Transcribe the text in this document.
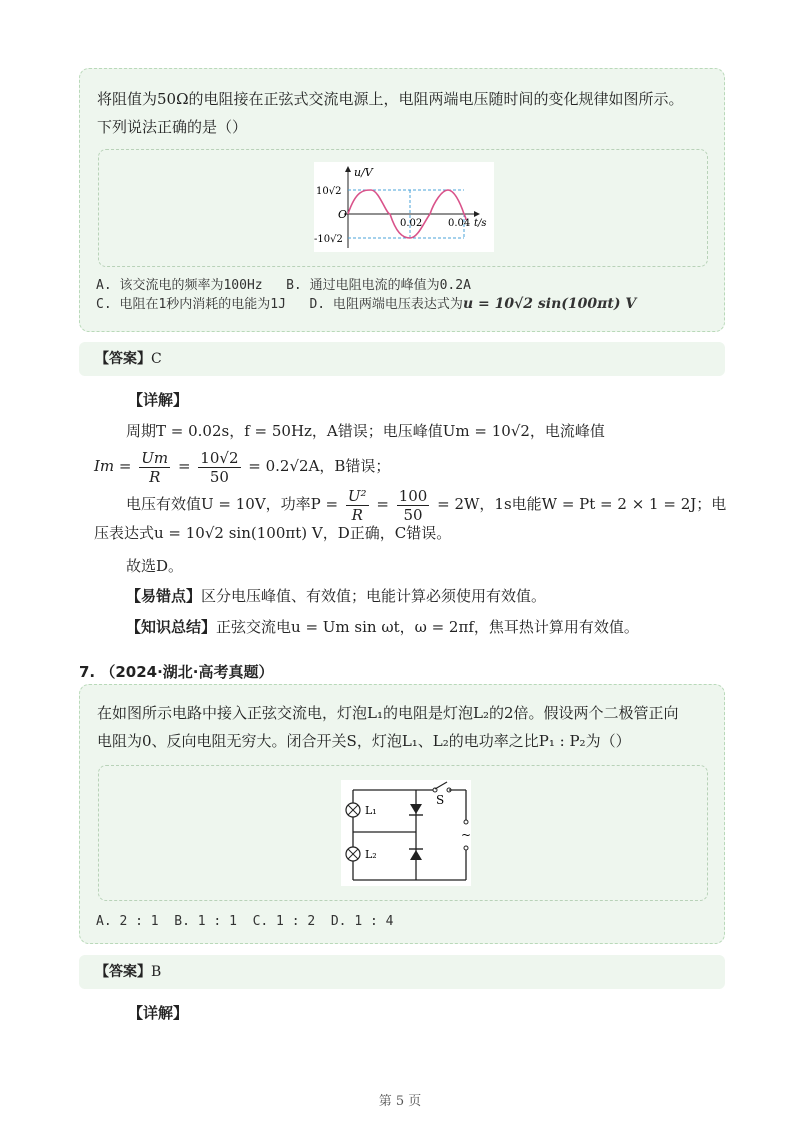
将阻值为50Ω的电阻接在正弦式交流电源上，电阻两端电压随时间的变化规律如图所示。
下列说法正确的是（）
u/V
10√2
O
-10√2
0.02	0.04 t/s
A. 该交流电的频率为100Hz B. 通过电阻电流的峰值为0.2A
C. 电阻在1秒内消耗的电能为1J D. 电阻两端电压表达式为u = 10√2 sin(100πt) V
【答案】C
【详解】
周期T = 0.02s，f = 50Hz，A错误；电压峰值Um = 10√2，电流峰值
$Im = \frac{Um}{R} = \frac{10√2}{50} = 0.2√2A$，B错误；
电压有效值U = 10V，功率$P = \frac{\text{U²}}{R} = \frac{100}{50} = 2W$，1s电能W = Pt = 2 × 1 = 2J；电
压表达式u = 10√2 sin(100πt) V，D正确，C错误。
故选D。
【易错点】区分电压峰值、有效值；电能计算必须使用有效值。
【知识总结】正弦交流电u = Um sin ωt，ω = 2πf，焦耳热计算用有效值。
7. （2024·湖北·高考真题）
在如图所示电路中接入正弦交流电，灯泡L₁的电阻是灯泡L₂的2倍。假设两个二极管正向
电阻为0、反向电阻无穷大。闭合开关S，灯泡L₁、L₂的电功率之比P₁ : P₂为（）
S
~
L₁
L₂
A. 2 : 1 B. 1 : 1 C. 1 : 2 D. 1 : 4
【答案】B
【详解】
第 5 页
